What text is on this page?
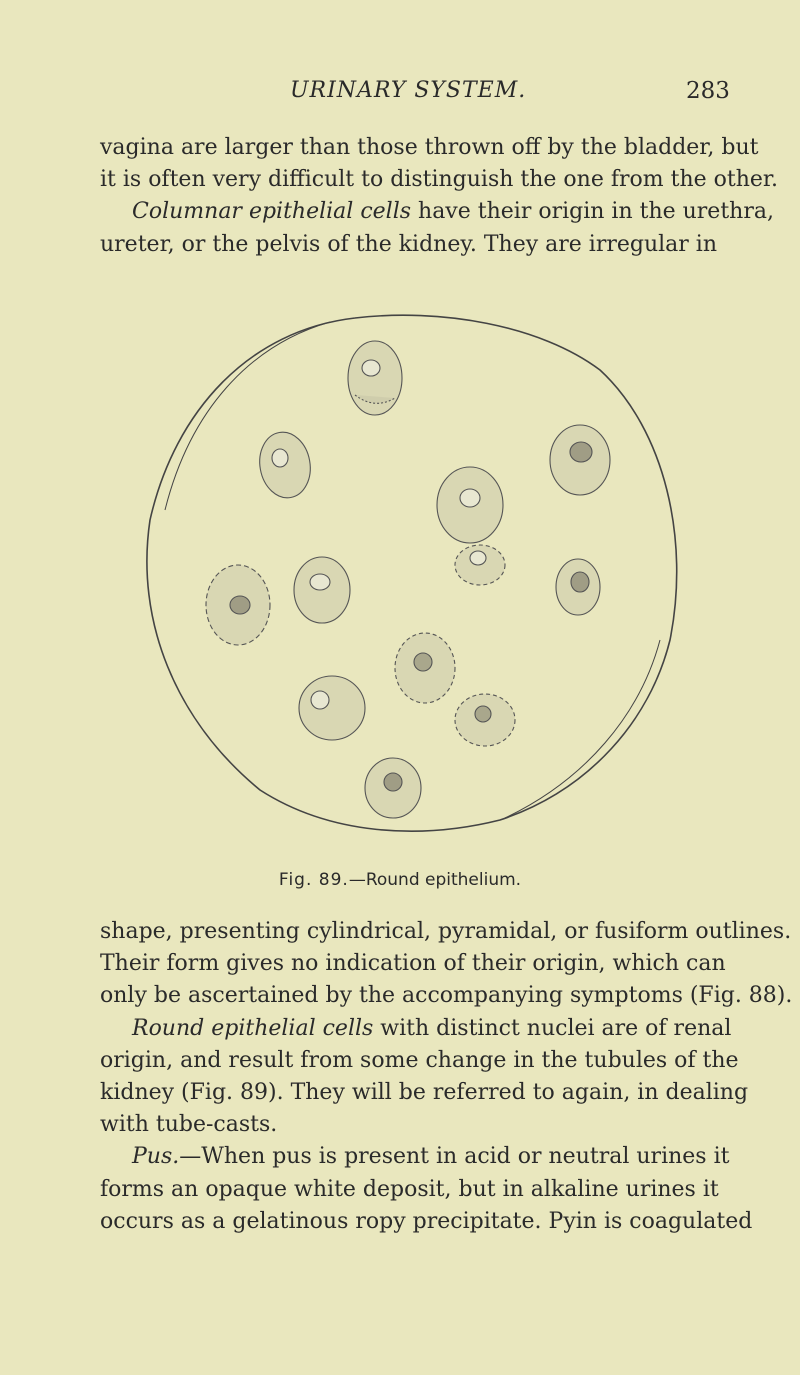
URINARY SYSTEM.	283

vagina are larger than those thrown off by the bladder, but
it is often very difficult to distinguish the one from the other.
Columnar epithelial cells have their origin in the urethra,
ureter, or the pelvis of the kidney. They are irregular in

Fig. 89.—Round epithelium.

shape, presenting cylindrical, pyramidal, or fusiform outlines.
Their form gives no indication of their origin, which can
only be ascertained by the accompanying symptoms (Fig. 88).
Round epithelial cells with distinct nuclei are of renal
origin, and result from some change in the tubules of the
kidney (Fig. 89). They will be referred to again, in dealing
with tube-casts.
Pus.—When pus is present in acid or neutral urines it
forms an opaque white deposit, but in alkaline urines it
occurs as a gelatinous ropy precipitate. Pyin is coagulated
